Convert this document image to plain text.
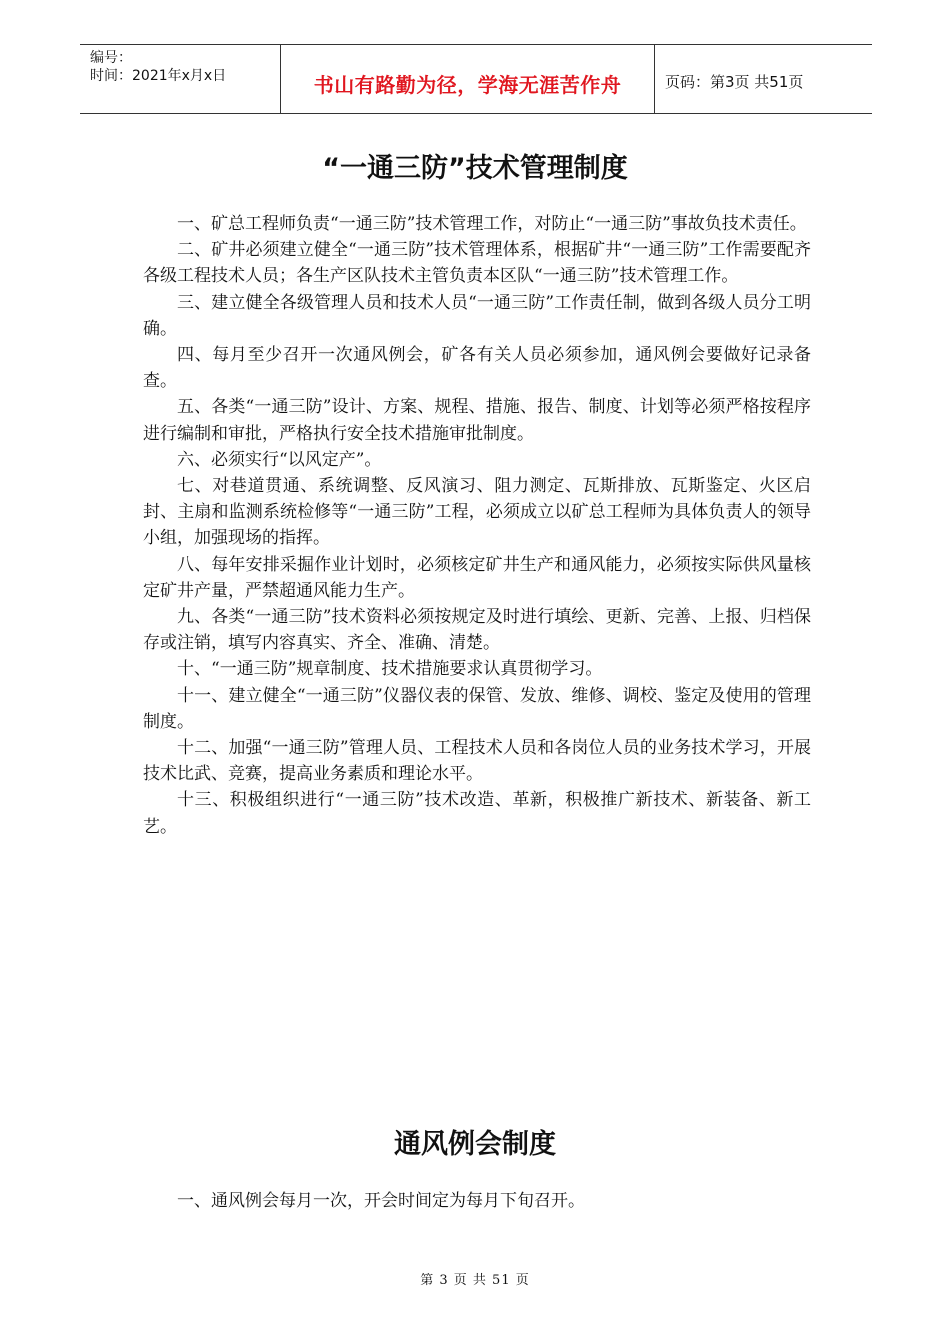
编号：
时间：2021年x月x日	书山有路勤为径，学海无涯苦作舟	页码：第3页 共51页
“一通三防”技术管理制度

一、矿总工程师负责“一通三防”技术管理工作，对防止“一通三防”事故负技术责任。

二、矿井必须建立健全“一通三防”技术管理体系，根据矿井“一通三防”工作需要配齐各级工程技术人员；各生产区队技术主管负责本区队“一通三防”技术管理工作。

三、建立健全各级管理人员和技术人员“一通三防”工作责任制，做到各级人员分工明确。

四、每月至少召开一次通风例会，矿各有关人员必须参加，通风例会要做好记录备查。

五、各类“一通三防”设计、方案、规程、措施、报告、制度、计划等必须严格按程序进行编制和审批，严格执行安全技术措施审批制度。

六、必须实行“以风定产”。

七、对巷道贯通、系统调整、反风演习、阻力测定、瓦斯排放、瓦斯鉴定、火区启封、主扇和监测系统检修等“一通三防”工程，必须成立以矿总工程师为具体负责人的领导小组，加强现场的指挥。

八、每年安排采掘作业计划时，必须核定矿井生产和通风能力，必须按实际供风量核定矿井产量，严禁超通风能力生产。

九、各类“一通三防”技术资料必须按规定及时进行填绘、更新、完善、上报、归档保存或注销，填写内容真实、齐全、准确、清楚。

十、“一通三防”规章制度、技术措施要求认真贯彻学习。

十一、建立健全“一通三防”仪器仪表的保管、发放、维修、调校、鉴定及使用的管理制度。

十二、加强“一通三防”管理人员、工程技术人员和各岗位人员的业务技术学习，开展技术比武、竞赛，提高业务素质和理论水平。

十三、积极组织进行“一通三防”技术改造、革新，积极推广新技术、新装备、新工艺。

通风例会制度

一、通风例会每月一次，开会时间定为每月下旬召开。

第 3 页 共 51 页
